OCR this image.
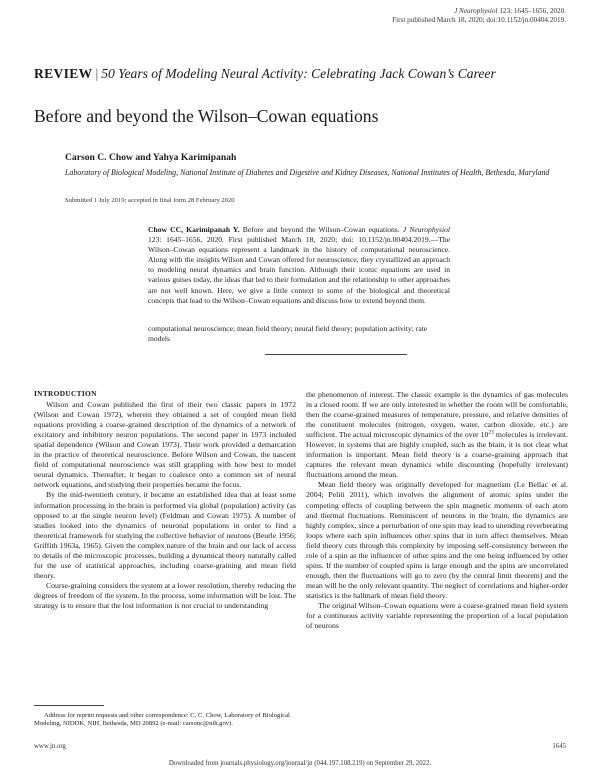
J Neurophysiol 123: 1645–1656, 2020.
First published March 18, 2020; doi:10.1152/jn.00404.2019.
REVIEW | 50 Years of Modeling Neural Activity: Celebrating Jack Cowan’s Career
Before and beyond the Wilson–Cowan equations
Carson C. Chow and Yahya Karimipanah
Laboratory of Biological Modeling, National Institute of Diabetes and Digestive and Kidney Diseases, National Institutes of Health, Bethesda, Maryland
Submitted 1 July 2019; accepted in final form 28 February 2020
Chow CC, Karimipanah Y. Before and beyond the Wilson–Cowan equations. J Neurophysiol 123: 1645–1656, 2020. First published March 18, 2020; doi: 10.1152/jn.00404.2019.—The Wilson–Cowan equations represent a landmark in the history of computational neuroscience. Along with the insights Wilson and Cowan offered for neuroscience, they crystallized an approach to modeling neural dynamics and brain function. Although their iconic equations are used in various guises today, the ideas that led to their formulation and the relationship to other approaches are not well known. Here, we give a little context to some of the biological and theoretical concepts that lead to the Wilson–Cowan equations and discuss how to extend beyond them.
computational neuroscience; mean field theory; neural field theory; population activity; rate models
INTRODUCTION

Wilson and Cowan published the first of their two classic papers in 1972 (Wilson and Cowan 1972), wherein they obtained a set of coupled mean field equations providing a coarse-grained description of the dynamics of a network of excitatory and inhibitory neuron populations. The second paper in 1973 included spatial dependence (Wilson and Cowan 1973). Their work provided a demarcation in the practice of theoretical neuroscience. Before Wilson and Cowan, the nascent field of computational neuroscience was still grappling with how best to model neural dynamics. Thereafter, it began to coalesce onto a common set of neural network equations, and studying their properties became the focus.

By the mid-twentieth century, it became an established idea that at least some information processing in the brain is performed via global (population) activity (as opposed to at the single neuron level) (Feldman and Cowan 1975). A number of studies looked into the dynamics of neuronal populations in order to find a theoretical framework for studying the collective behavior of neurons (Beurle 1956; Griffith 1963a, 1965). Given the complex nature of the brain and our lack of access to details of the microscopic processes, building a dynamical theory naturally called for the use of statistical approaches, including coarse-graining and mean field theory.

Course-graining considers the system at a lower resolution, thereby reducing the degrees of freedom of the system. In the process, some information will be lost. The strategy is to ensure that the lost information is not crucial to understanding

the phenomenon of interest. The classic example is the dynamics of gas molecules in a closed room. If we are only interested in whether the room will be comfortable, then the coarse-grained measures of temperature, pressure, and relative densities of the constituent molecules (nitrogen, oxygen, water, carbon dioxide, etc.) are sufficient. The actual microscopic dynamics of the over $10^{23}$ molecules is irrelevant. However, in systems that are highly coupled, such as the brain, it is not clear what information is important. Mean field theory is a coarse-graining approach that captures the relevant mean dynamics while discounting (hopefully irrelevant) fluctuations around the mean.

Mean field theory was originally developed for magnetism (Le Bellac et al. 2004; Peliti 2011), which involves the alignment of atomic spins under the competing effects of coupling between the spin magnetic moments of each atom and thermal fluctuations. Reminiscent of neurons in the brain, the dynamics are highly complex, since a perturbation of one spin may lead to unending reverberating loops where each spin influences other spins that in turn affect themselves. Mean field theory cuts through this complexity by imposing self-consistency between the role of a spin as the influencer of other spins and the one being influenced by other spins. If the number of coupled spins is large enough and the spins are uncorrelated enough, then the fluctuations will go to zero (by the central limit theorem) and the mean will be the only relevant quantity. The neglect of correlations and higher-order statistics is the hallmark of mean field theory.

The original Wilson–Cowan equations were a coarse-grained mean field system for a continuous activity variable representing the proportion of a local population of neurons

Address for reprint requests and other correspondence: C. C. Chow, Laboratory of Biological Modeling, NIDDK, NIH, Bethesda, MD 20892 (e-mail: carsonc@nih.gov).
www.jn.org	1645
Downloaded from journals.physiology.org/journal/jn (044.197.108.219) on September 29, 2022.
